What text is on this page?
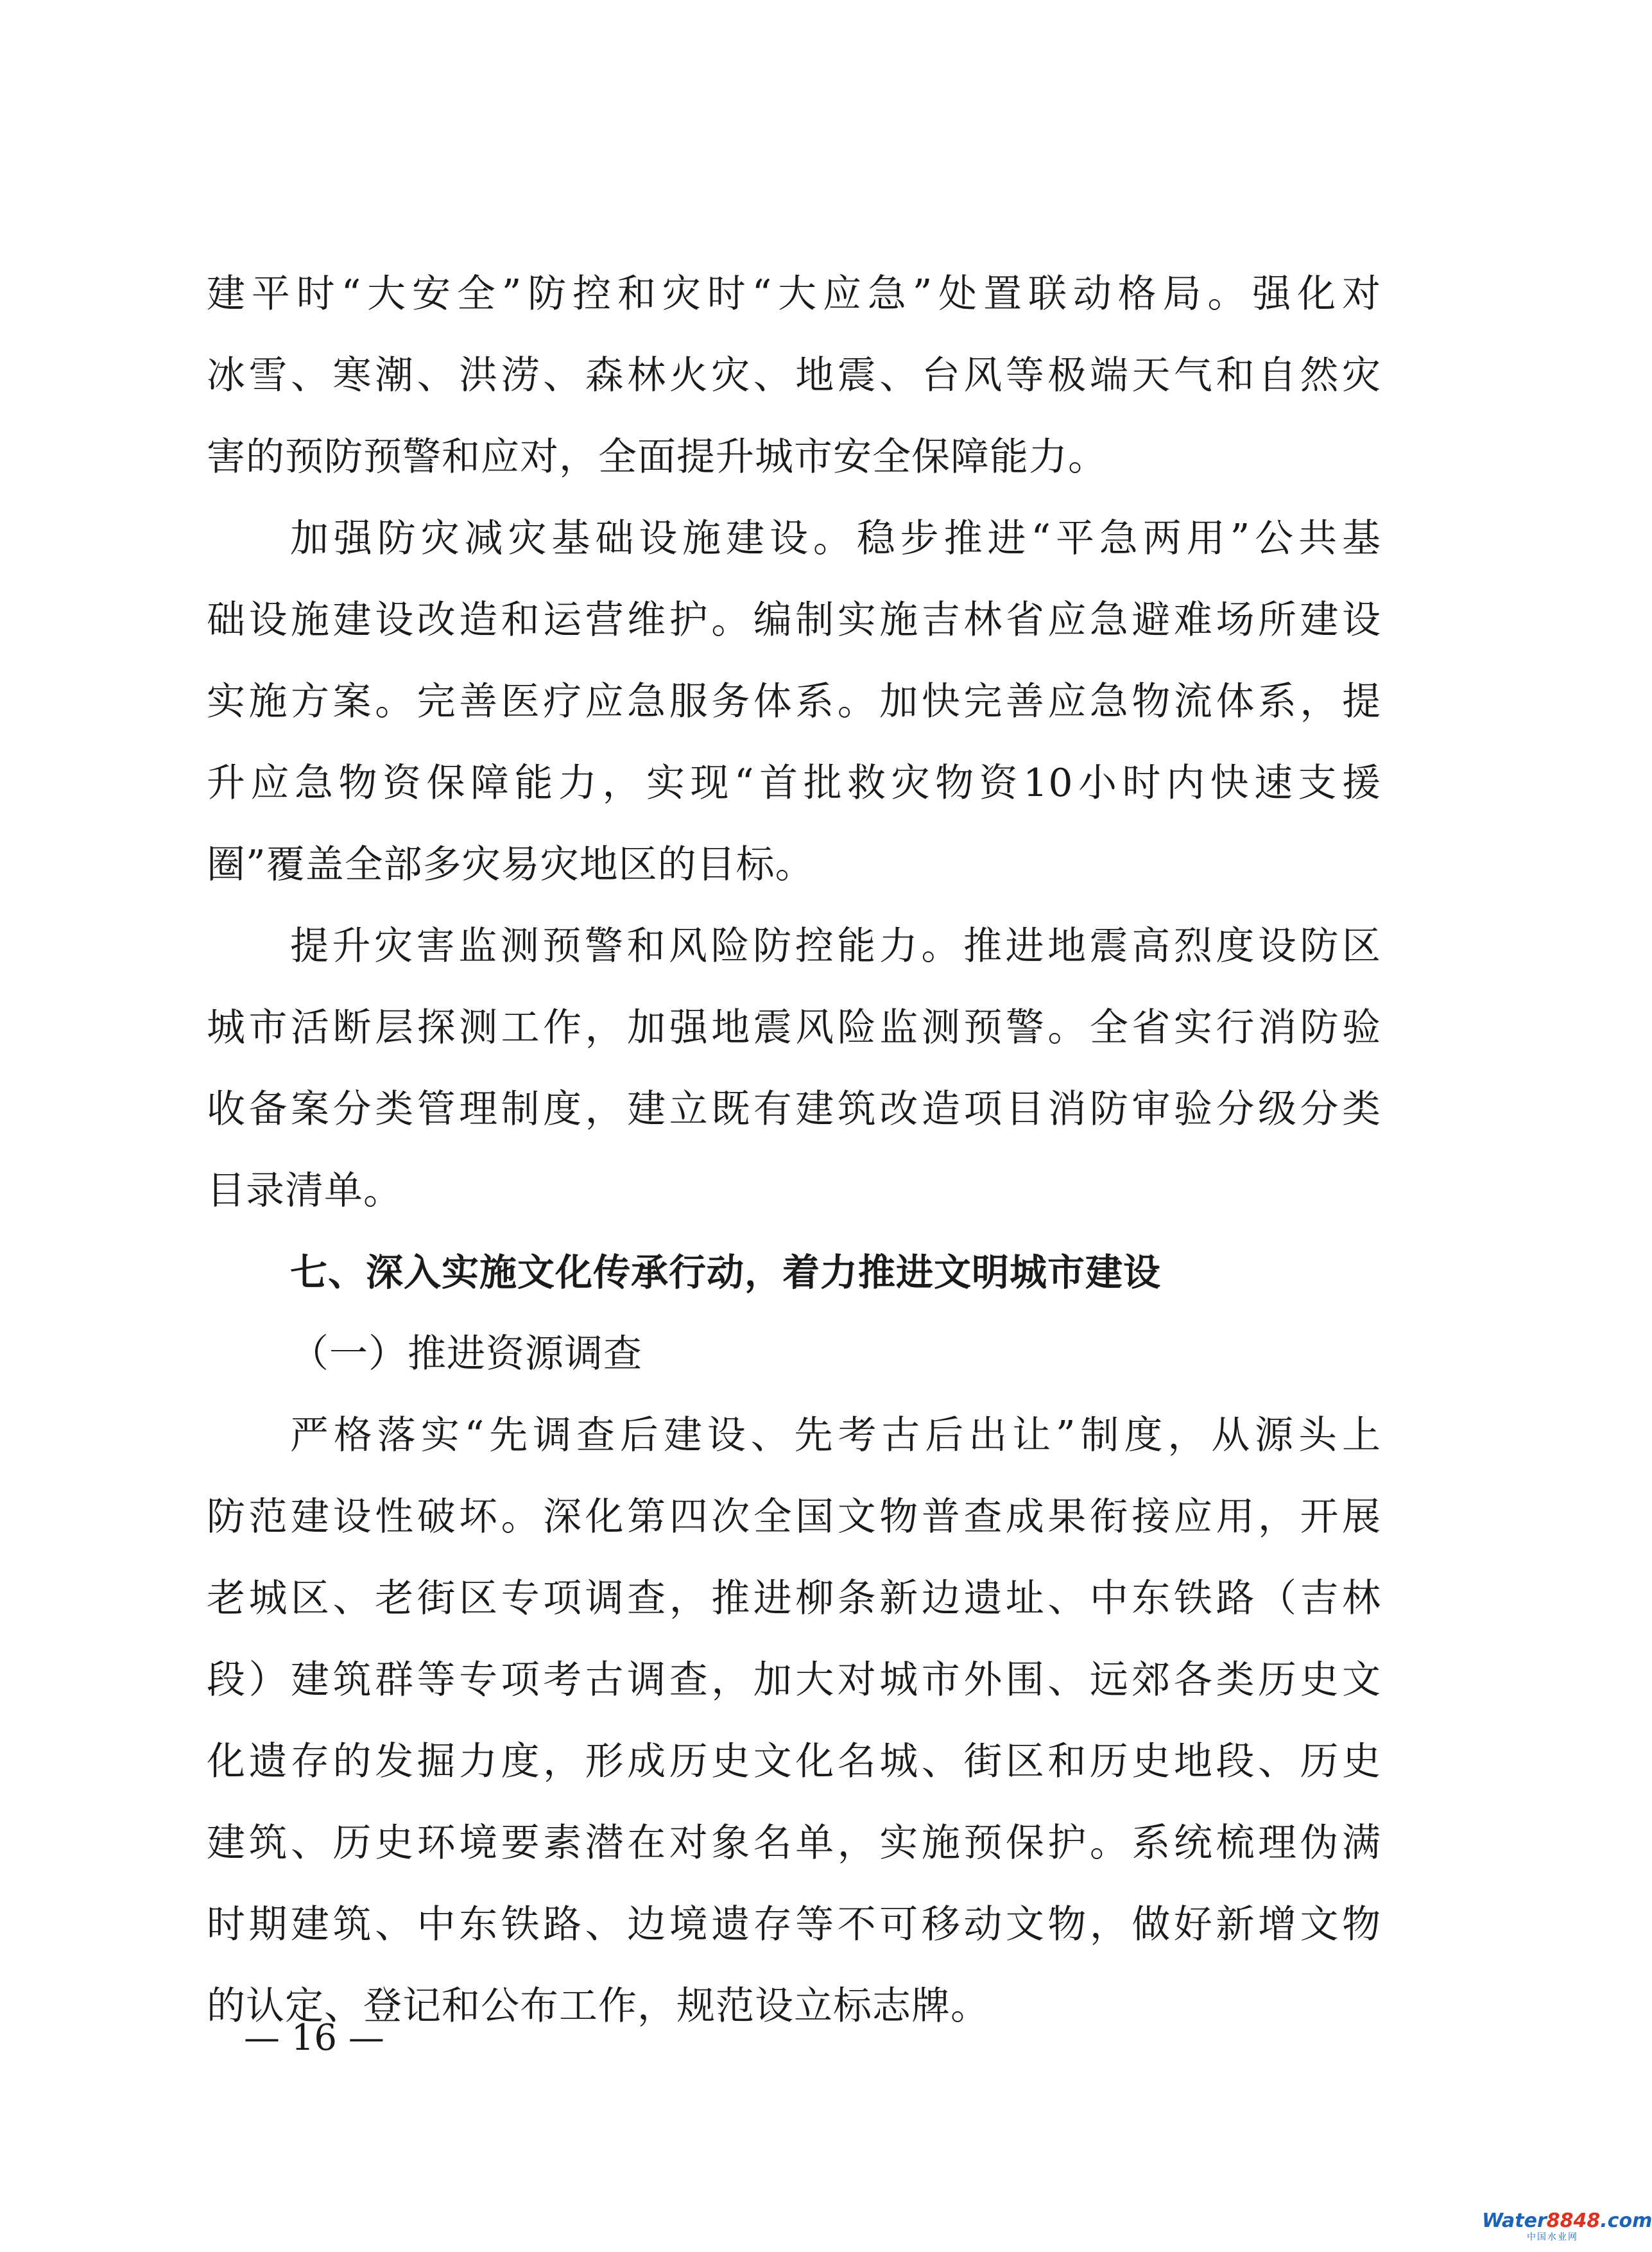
建平时“大安全”防控和灾时“大应急”处置联动格局。强化对
冰雪、寒潮、洪涝、森林火灾、地震、台风等极端天气和自然灾
害的预防预警和应对，全面提升城市安全保障能力。
加强防灾减灾基础设施建设。稳步推进“平急两用”公共基
础设施建设改造和运营维护。编制实施吉林省应急避难场所建设
实施方案。完善医疗应急服务体系。加快完善应急物流体系，提
升应急物资保障能力，实现“首批救灾物资10小时内快速支援
圈”覆盖全部多灾易灾地区的目标。
提升灾害监测预警和风险防控能力。推进地震高烈度设防区
城市活断层探测工作，加强地震风险监测预警。全省实行消防验
收备案分类管理制度，建立既有建筑改造项目消防审验分级分类
目录清单。
七、深入实施文化传承行动，着力推进文明城市建设
（一）推进资源调查
严格落实“先调查后建设、先考古后出让”制度，从源头上
防范建设性破坏。深化第四次全国文物普查成果衔接应用，开展
老城区、老街区专项调查，推进柳条新边遗址、中东铁路（吉林
段）建筑群等专项考古调查，加大对城市外围、远郊各类历史文
化遗存的发掘力度，形成历史文化名城、街区和历史地段、历史
建筑、历史环境要素潜在对象名单，实施预保护。系统梳理伪满
时期建筑、中东铁路、边境遗存等不可移动文物，做好新增文物
的认定、登记和公布工作，规范设立标志牌。
— 16 —
Water8848.com
中国水业网
